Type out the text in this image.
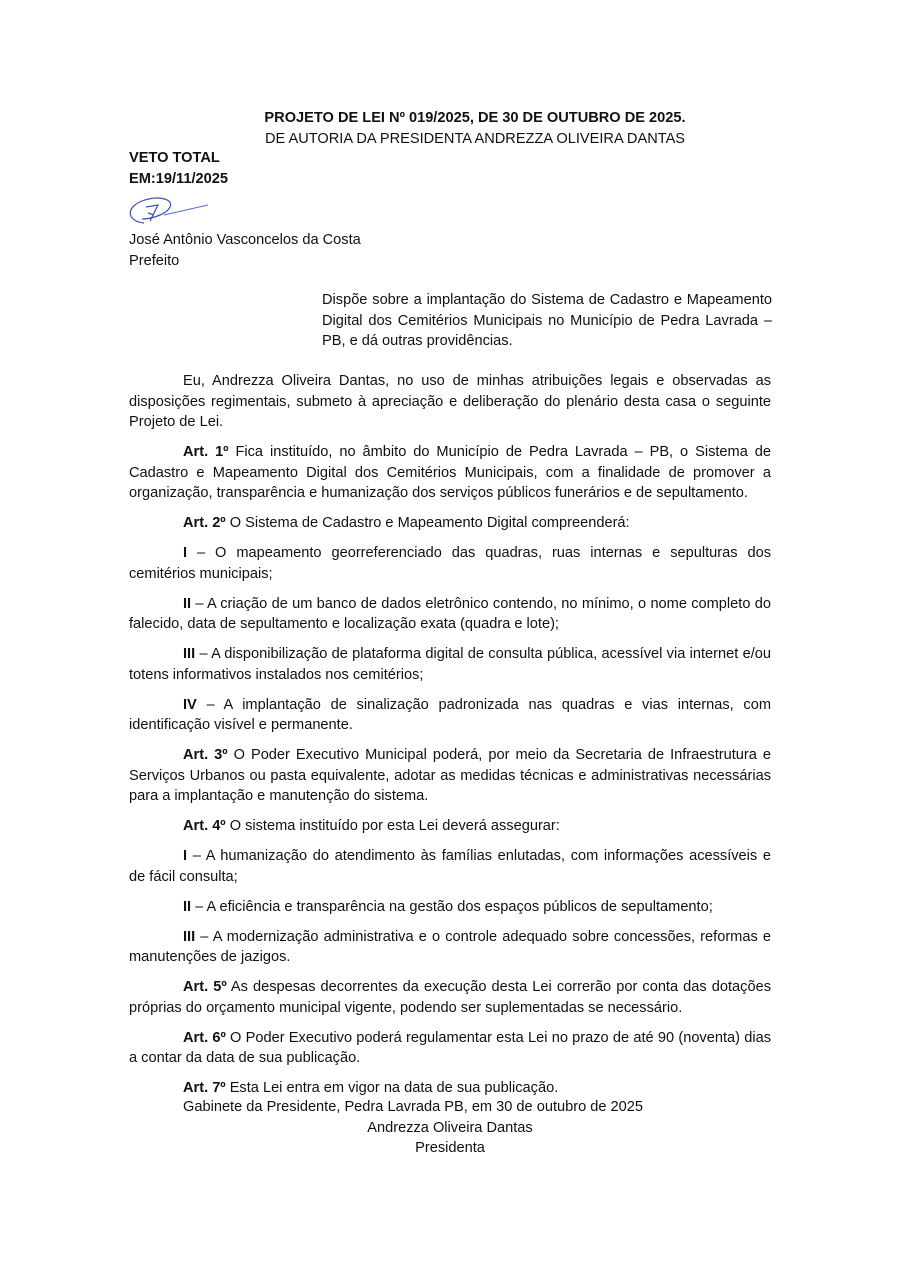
PROJETO DE LEI Nº 019/2025, DE 30 DE OUTUBRO DE 2025.
DE AUTORIA DA PRESIDENTA ANDREZZA OLIVEIRA DANTAS
VETO TOTAL
EM:19/11/2025
José Antônio Vasconcelos da Costa
Prefeito
Dispõe sobre a implantação do Sistema de Cadastro e Mapeamento Digital dos Cemitérios Municipais no Município de Pedra Lavrada – PB, e dá outras providências.

Eu, Andrezza Oliveira Dantas, no uso de minhas atribuições legais e observadas as disposições regimentais, submeto à apreciação e deliberação do plenário desta casa o seguinte Projeto de Lei.

Art. 1º Fica instituído, no âmbito do Município de Pedra Lavrada – PB, o Sistema de Cadastro e Mapeamento Digital dos Cemitérios Municipais, com a finalidade de promover a organização, transparência e humanização dos serviços públicos funerários e de sepultamento.

Art. 2º O Sistema de Cadastro e Mapeamento Digital compreenderá:

I – O mapeamento georreferenciado das quadras, ruas internas e sepulturas dos cemitérios municipais;

II – A criação de um banco de dados eletrônico contendo, no mínimo, o nome completo do falecido, data de sepultamento e localização exata (quadra e lote);

III – A disponibilização de plataforma digital de consulta pública, acessível via internet e/ou totens informativos instalados nos cemitérios;

IV – A implantação de sinalização padronizada nas quadras e vias internas, com identificação visível e permanente.

Art. 3º O Poder Executivo Municipal poderá, por meio da Secretaria de Infraestrutura e Serviços Urbanos ou pasta equivalente, adotar as medidas técnicas e administrativas necessárias para a implantação e manutenção do sistema.

Art. 4º O sistema instituído por esta Lei deverá assegurar:

I – A humanização do atendimento às famílias enlutadas, com informações acessíveis e de fácil consulta;

II – A eficiência e transparência na gestão dos espaços públicos de sepultamento;

III – A modernização administrativa e o controle adequado sobre concessões, reformas e manutenções de jazigos.

Art. 5º As despesas decorrentes da execução desta Lei correrão por conta das dotações próprias do orçamento municipal vigente, podendo ser suplementadas se necessário.

Art. 6º O Poder Executivo poderá regulamentar esta Lei no prazo de até 90 (noventa) dias a contar da data de sua publicação.

Art. 7º Esta Lei entra em vigor na data de sua publicação.

Gabinete da Presidente, Pedra Lavrada PB, em 30 de outubro de 2025
Andrezza Oliveira Dantas
Presidenta
